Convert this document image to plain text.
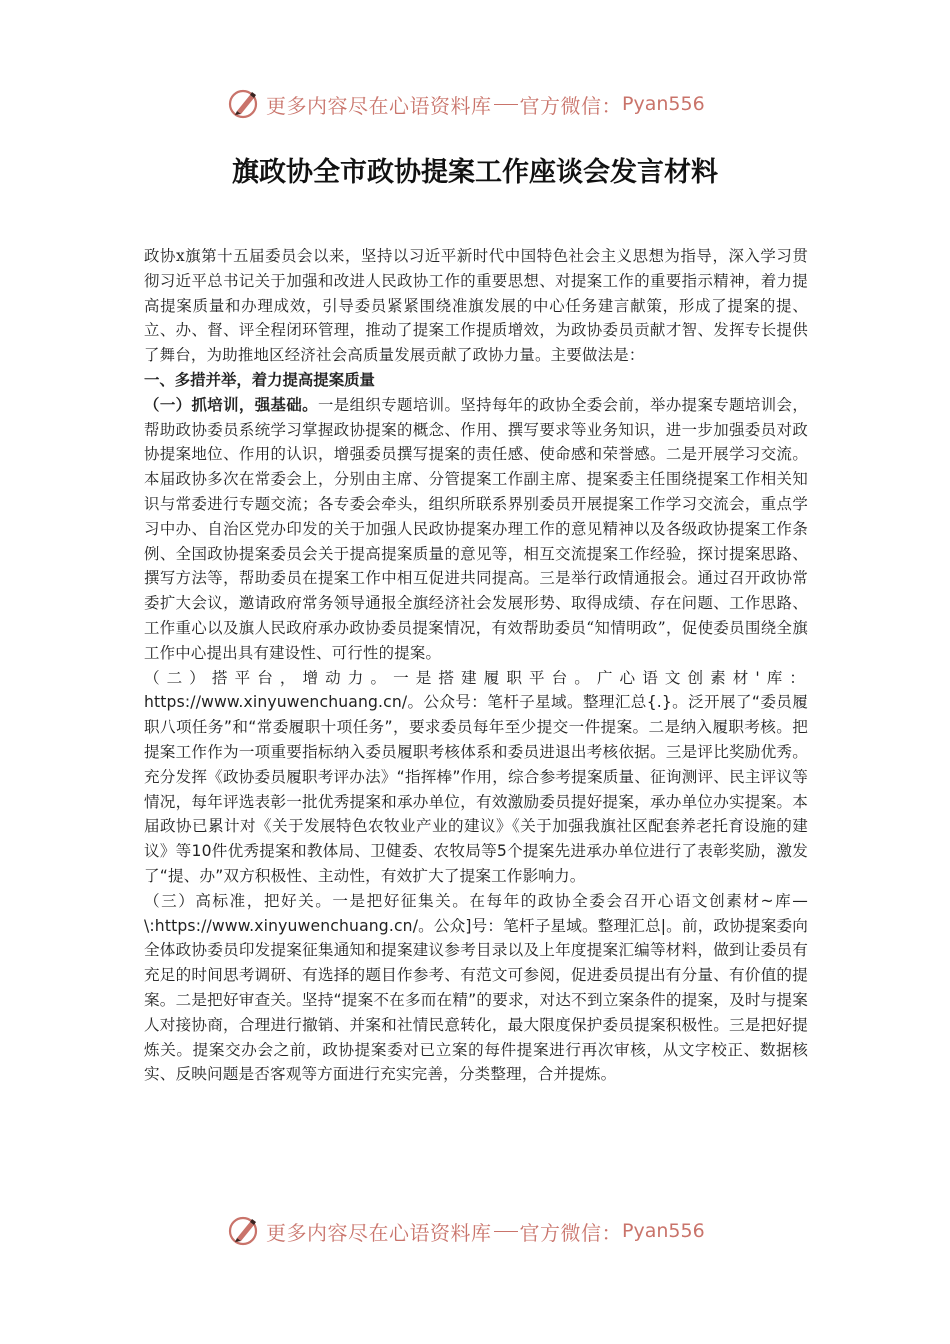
更多内容尽在心语资料库 官方微信： Pyan556
旗政协全市政协提案工作座谈会发言材料

政协x旗第十五届委员会以来，坚持以习近平新时代中国特色社会主义思想为指导，深入学习贯彻习近平总书记关于加强和改进人民政协工作的重要思想、对提案工作的重要指示精神，着力提高提案质量和办理成效，引导委员紧紧围绕准旗发展的中心任务建言献策，形成了提案的提、立、办、督、评全程闭环管理，推动了提案工作提质增效，为政协委员贡献才智、发挥专长提供了舞台，为助推地区经济社会高质量发展贡献了政协力量。主要做法是：

一、多措并举，着力提高提案质量

（一）抓培训，强基础。一是组织专题培训。坚持每年的政协全委会前，举办提案专题培训会，帮助政协委员系统学习掌握政协提案的概念、作用、撰写要求等业务知识，进一步加强委员对政协提案地位、作用的认识，增强委员撰写提案的责任感、使命感和荣誉感。二是开展学习交流。本届政协多次在常委会上，分别由主席、分管提案工作副主席、提案委主任围绕提案工作相关知识与常委进行专题交流；各专委会牵头，组织所联系界别委员开展提案工作学习交流会，重点学习中办、自治区党办印发的关于加强人民政协提案办理工作的意见精神以及各级政协提案工作条例、全国政协提案委员会关于提高提案质量的意见等，相互交流提案工作经验，探讨提案思路、撰写方法等，帮助委员在提案工作中相互促进共同提高。三是举行政情通报会。通过召开政协常委扩大会议，邀请政府常务领导通报全旗经济社会发展形势、取得成绩、存在问题、工作思路、工作重心以及旗人民政府承办政协委员提案情况，有效帮助委员“知情明政”，促使委员围绕全旗工作中心提出具有建设性、可行性的提案。

（二）搭平台，增动力。一是搭建履职平台。广心语文创素材'库：https://www.xinyuwenchuang.cn/。公众号：笔杆子星域。整理汇总{.}。泛开展了“委员履职八项任务”和“常委履职十项任务”，要求委员每年至少提交一件提案。二是纳入履职考核。把提案工作作为一项重要指标纳入委员履职考核体系和委员进退出考核依据。三是评比奖励优秀。充分发挥《政协委员履职考评办法》“指挥棒”作用，综合参考提案质量、征询测评、民主评议等情况，每年评选表彰一批优秀提案和承办单位，有效激励委员提好提案，承办单位办实提案。本届政协已累计对《关于发展特色农牧业产业的建议》《关于加强我旗社区配套养老托育设施的建议》等10件优秀提案和教体局、卫健委、农牧局等5个提案先进承办单位进行了表彰奖励，激发了“提、办”双方积极性、主动性，有效扩大了提案工作影响力。

（三）高标准，把好关。一是把好征集关。在每年的政协全委会召开心语文创素材~库—\:https://www.xinyuwenchuang.cn/。公众]号：笔杆子星域。整理汇总|。前，政协提案委向全体政协委员印发提案征集通知和提案建议参考目录以及上年度提案汇编等材料，做到让委员有充足的时间思考调研、有选择的题目作参考、有范文可参阅，促进委员提出有分量、有价值的提案。二是把好审查关。坚持“提案不在多而在精”的要求，对达不到立案条件的提案，及时与提案人对接协商，合理进行撤销、并案和社情民意转化，最大限度保护委员提案积极性。三是把好提炼关。提案交办会之前，政协提案委对已立案的每件提案进行再次审核，从文字校正、数据核实、反映问题是否客观等方面进行充实完善，分类整理，合并提炼。

更多内容尽在心语资料库 官方微信： Pyan556
